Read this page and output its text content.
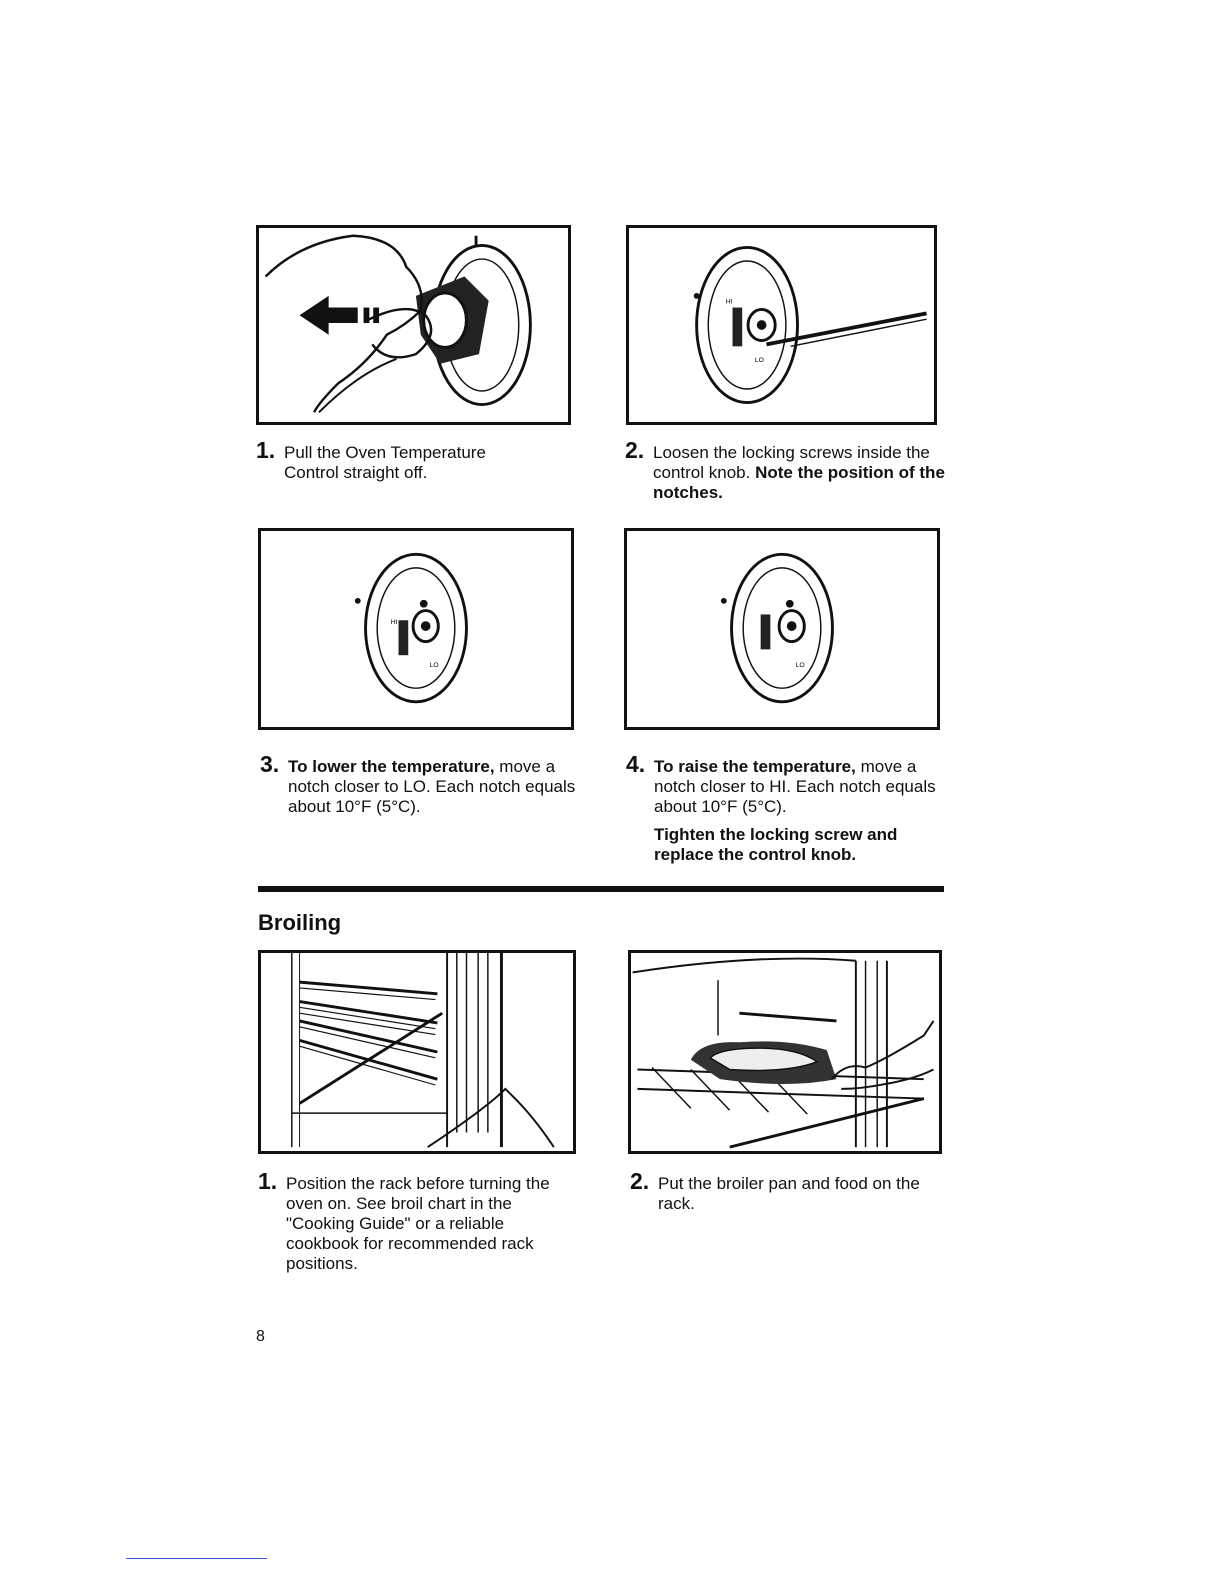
HI
LO
1. Pull the Oven Temperature Control straight off.
2. Loosen the locking screws inside the control knob. Note the position of the notches.
HI
LO	LO
3. To lower the temperature, move a notch closer to LO. Each notch equals about 10°F (5°C).
4. To raise the temperature, move a notch closer to HI. Each notch equals about 10°F (5°C).
Tighten the locking screw and replace the control knob.
Broiling
1. Position the rack before turning the oven on. See broil chart in the "Cooking Guide" or a reliable cookbook for recommended rack positions.
2. Put the broiler pan and food on the rack.
8
